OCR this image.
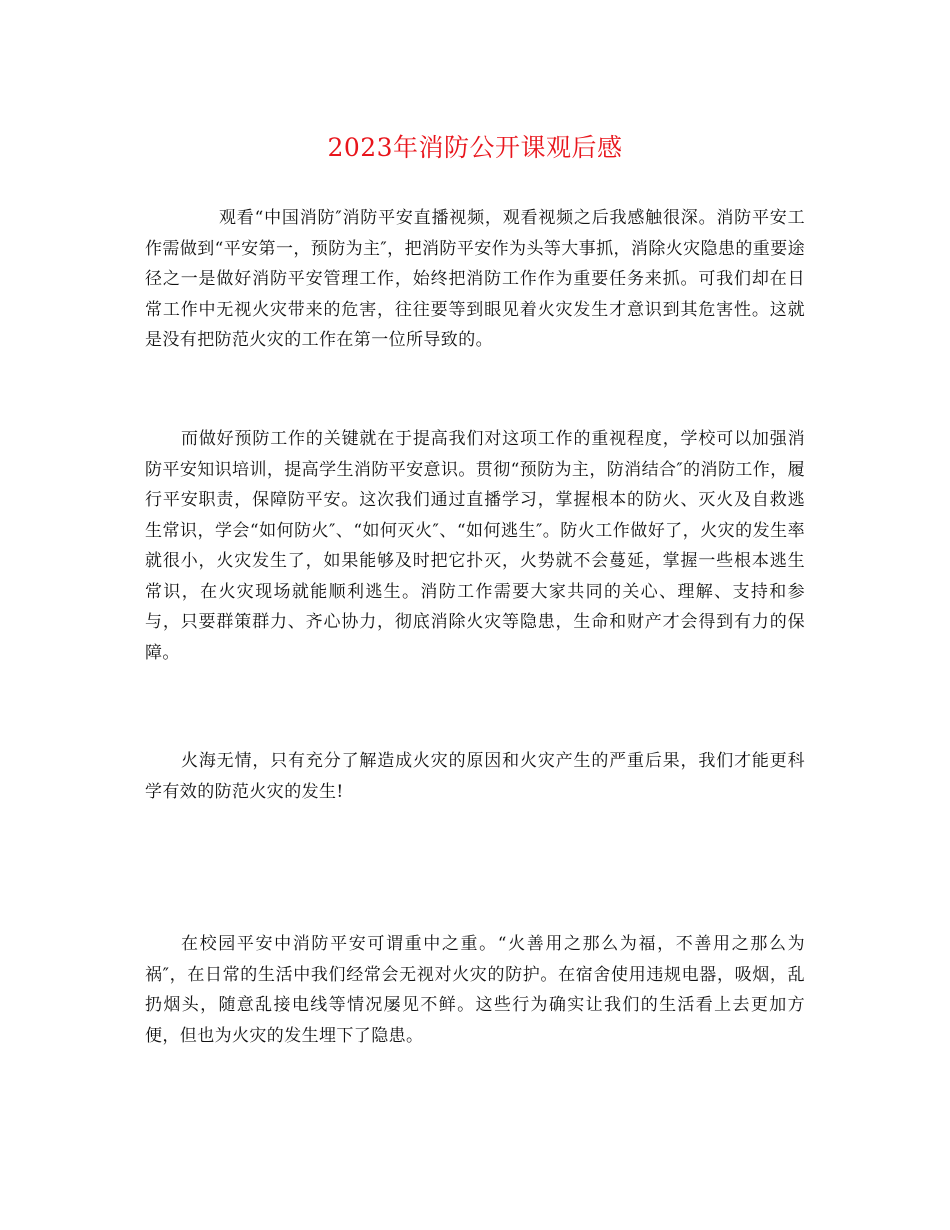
2023年消防公开课观后感

观看“中国消防″消防平安直播视频，观看视频之后我感触很深。消防平安工作需做到“平安第一，预防为主″，把消防平安作为头等大事抓，消除火灾隐患的重要途径之一是做好消防平安管理工作，始终把消防工作作为重要任务来抓。可我们却在日常工作中无视火灾带来的危害，往往要等到眼见着火灾发生才意识到其危害性。这就是没有把防范火灾的工作在第一位所导致的。

而做好预防工作的关键就在于提高我们对这项工作的重视程度，学校可以加强消防平安知识培训，提高学生消防平安意识。贯彻“预防为主，防消结合″的消防工作，履行平安职责，保障防平安。这次我们通过直播学习，掌握根本的防火、灭火及自救逃生常识，学会“如何防火″、“如何灭火″、“如何逃生″。防火工作做好了，火灾的发生率就很小，火灾发生了，如果能够及时把它扑灭，火势就不会蔓延，掌握一些根本逃生常识，在火灾现场就能顺利逃生。消防工作需要大家共同的关心、理解、支持和参与，只要群策群力、齐心协力，彻底消除火灾等隐患，生命和财产才会得到有力的保障。

火海无情，只有充分了解造成火灾的原因和火灾产生的严重后果，我们才能更科学有效的防范火灾的发生!

在校园平安中消防平安可谓重中之重。“火善用之那么为福，不善用之那么为祸″，在日常的生活中我们经常会无视对火灾的防护。在宿舍使用违规电器，吸烟，乱扔烟头，随意乱接电线等情况屡见不鲜。这些行为确实让我们的生活看上去更加方便，但也为火灾的发生埋下了隐患。
